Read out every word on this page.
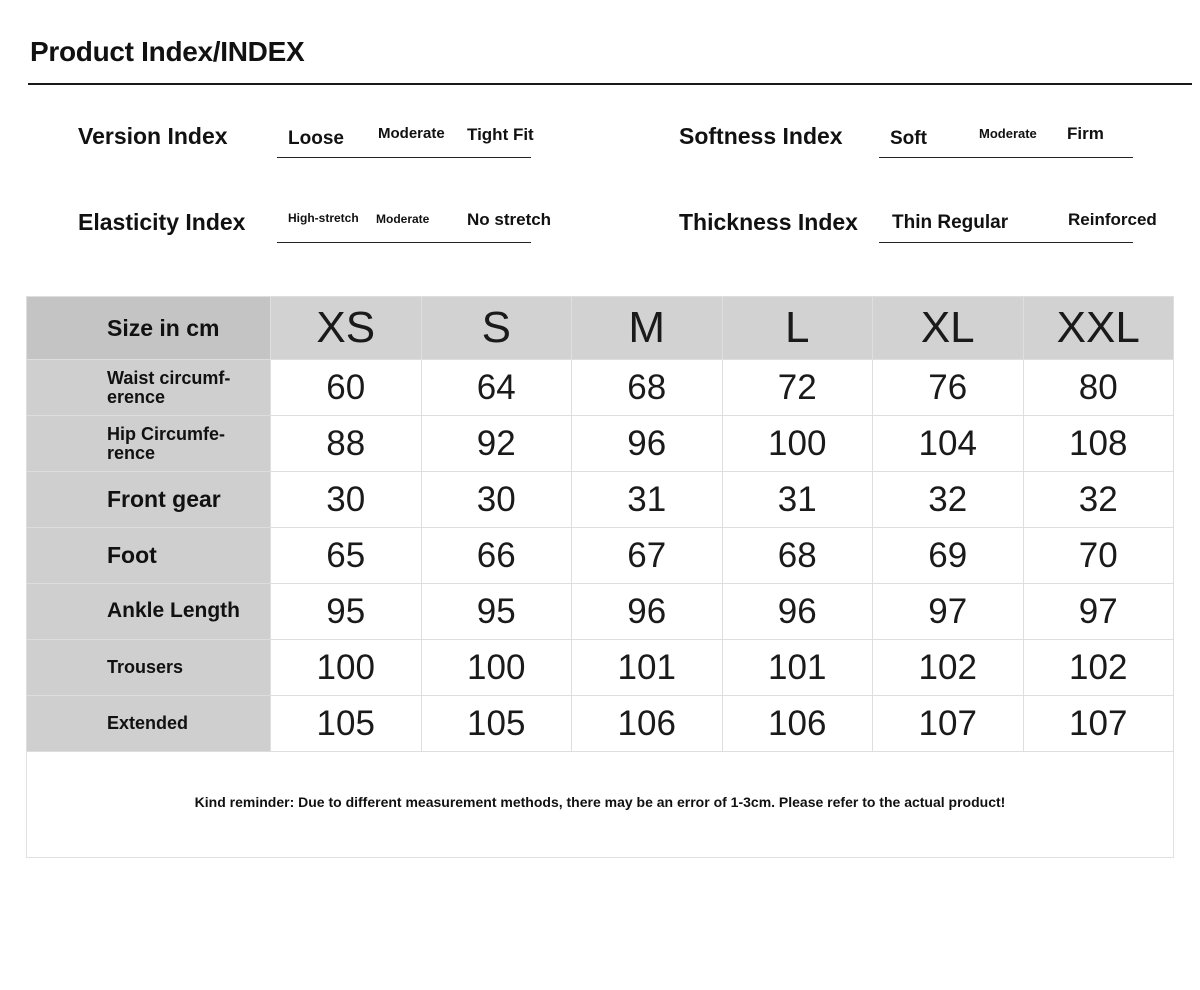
Product Index/INDEX
Version Index	Loose Moderate Tight Fit	Softness Index Soft	Moderate Firm
Elasticity Index	High-stretch Moderate No stretch	Thickness Index Thin Regular	Reinforced
Size in cm	XS	S	M	L	XL	XXL

Waist circumf-
erence	60	64	68	72	76	80

Hip Circumfe-
rence	88	92	96	100	104	108
Front gear	30	30	31	31	32	32
Foot	65	66	67	68	69	70
Ankle Length	95	95	96	96	97	97
Trousers	100	100	101	101	102	102
Extended	105	105	106	106	107	107
Kind reminder: Due to different measurement methods, there may be an error of 1-3cm. Please refer to the actual product!
